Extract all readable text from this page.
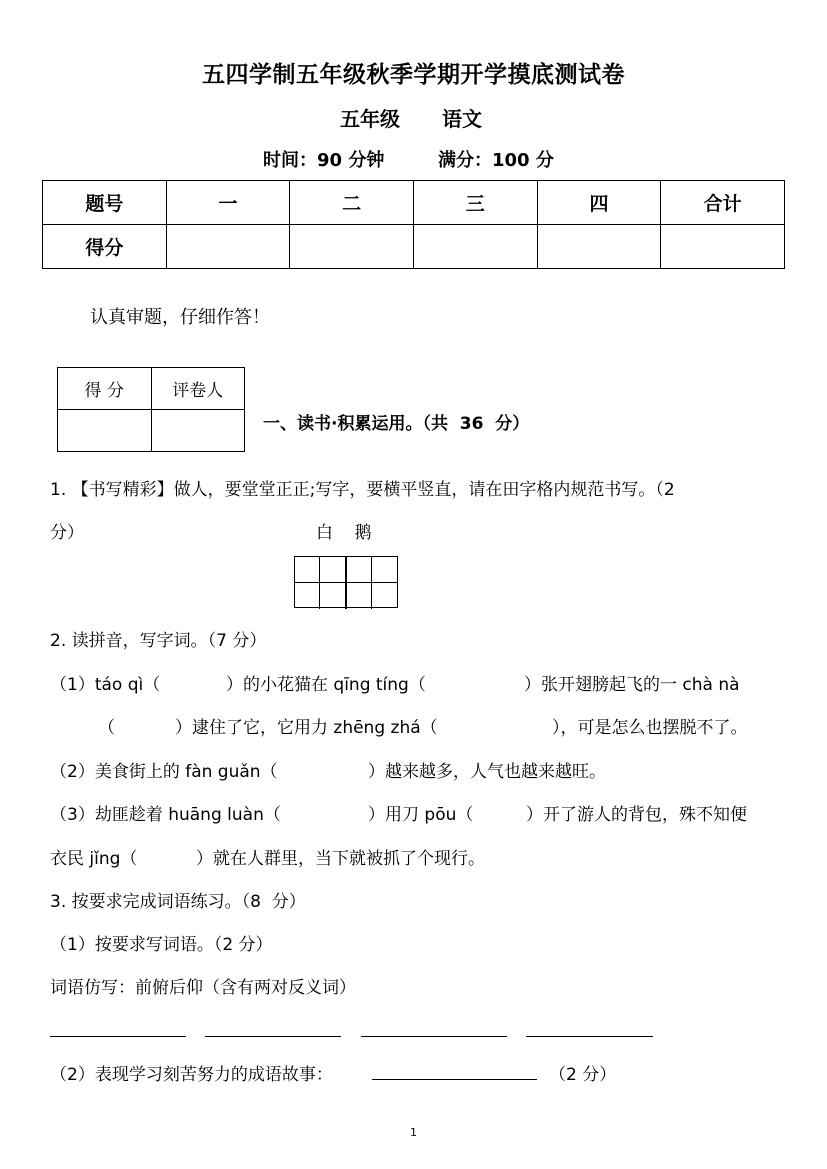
五四学制五年级秋季学期开学摸底测试卷
五年级 语文
时间：90 分钟	满分：100 分
题号	一	二	三	四	合计
得分					
认真审题，仔细作答！
得 分	评卷人

一、读书·积累运用。（共  36  分）
1. 【书写精彩】做人，要堂堂正正;写字，要横平竖直，请在田字格内规范书写。（2
分）	白    鹅
2. 读拼音，写字词。（7 分）
（1）táo qì（	）的小花猫在 qīng tíng（	）张开翅膀起飞的一 chà nà
（	）逮住了它，它用力 zhēng zhá（	），可是怎么也摆脱不了。
（2）美食街上的 fàn guǎn（	）越来越多，人气也越来越旺。
（3）劫匪趁着 huāng luàn（	）用刀 pōu（	）开了游人的背包，殊不知便
衣民 jǐng（	）就在人群里，当下就被抓了个现行。
3. 按要求完成词语练习。（8  分）
（1）按要求写词语。（2 分）
词语仿写：前俯后仰（含有两对反义词）
（2）表现学习刻苦努力的成语故事：	（2 分）
1
